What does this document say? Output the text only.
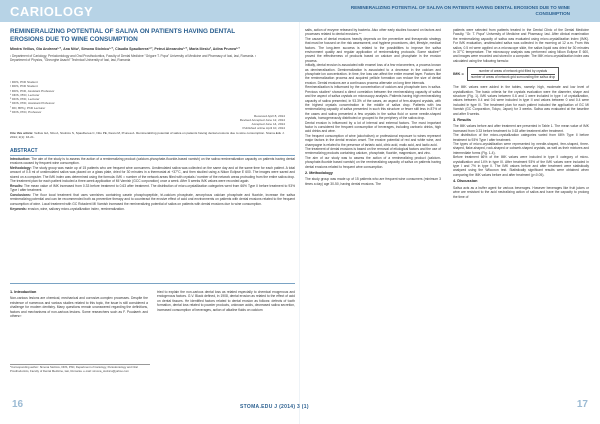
CARIOLOGY	REMINERALIZING POTENTIAL OF SALIVA ON PATIENTS HAVING DENTAL EROSIONS DUE TO WINE CONSUMPTION
REMINERALIZING POTENTIAL OF SALIVA ON PATIENTS HAVING DENTAL EROSIONS DUE TO WINE CONSUMPTION
Mindra Vellius, Gia Andreea¹ᐟ², Ana Nitu¹, Simona Stolnicu¹ᐟ², Claudia Spaulberea¹ᐟ², Petrut Alexandru¹ᐟ², Maria Iliesiu², Adina Prunea¹ᐟ²
¹ Department of Cariology, Periodontology and Oral Prosthodontics, Faculty of Dental Medicine "Grigore T. Popa" University of Medicine and Pharmacy of Iasi, Iasi, Romania. ² Department of Physics, "Gheorghe Asachi" Technical University of Iasi, Iasi, Romania
¹ DDS, PhD Student
² DDS, PhD Student
³ DDS, PhD, Assistant Professor
⁴ DDS, PhD, Lecturer
⁵ DDS, PhD, Lecturer
⁶ DDS, PhD, Assistant Professor
⁷ DD, BPhy, PhD Lecturer
⁸ DDS, PhD, Professor
Received April 8, 2014
Revised Accepted June 12, 2014
Accepted June 14, 2014
Published online April 10, 2014
Cite this article: Vellius GA, Nitu A, Stolnicu S, Spaulberea C, Nitu PE, Iliesiu M, Prunea A. Remineralizing potential of saliva on patients having dental erosions due to wine consumption. Stoma.Edu J. 2014; 2(1): 16-21.
ABSTRACT

Introduction: The aim of the study is to assess the action of a remineralizing product (calcium-phosphate-fluoride-based varnish) on the saliva remineralization capacity on patients having dental erosions caused by frequent wine consumption.

Methodology: The study group was made up of 15 patients who are frequent wine consumers. Unstimulated saliva was collected on the same day and at the same time for each patient. A total amount of 0.5 ml of unstimulated saliva was placed on a glass plate, dried for 30 minutes in a thermostat at +37°C, and then studied using a Nikon Eclipse E 600. The images were saved and stored on a computer. The IMK index was determined using the formula: IMK = number of the network areas filled with crystals / number of the network areas protruding from the entire saliva drop. The treatment plan for each patient included a three-week application of MI Varnish (GCC corporation) once a week. After 5 weeks IMK values were recorded again.

Results: The mean value of IMK increased from 0.33 before treatment to 0.63 after treatment. The distribution of micro-crystallization categories went from 66% Type II before treatment to 93% Type I after treatment.

Conclusions: The fluor local treatment that uses varnishes containing casein phosphopeptide, tri-calcium phosphate, amorphous calcium phosphate and fluoride, increase the saliva remineralizing potential and can be recommended both as preventive therapy and to counteract the erosive effect of acid oral environments on patients with dental erosions related to the frequent consumption of wine. Local treatment with GC Rotadent MI Varnish increased the remineralizing potential of saliva on patients with dental erosions due to wine consumption.

Keywords: erosion, wine, salivary micro-crystallization index, remineralization.

1. Introduction
Non-carious lesions are chemical, mechanical and corrosive-complex processes. Despite the existence of numerous and various studies related to this topic, the issue is still considered a challenge for modern dentistry. Many questions remain unanswered regarding the definitions, factors and mechanisms of non-carious lesions. Some researchers such as F. Poudaert¹ and others²³
tried to explain the non-carious dental loss as related especially to chemical exogenous and endogenous factors. G.V. Black defined, in 1908, dental erosion as related to the effect of acid on dental tissues. He identified factors related to dental erosion as follows: defects of tooth formation, dental loss related to powder products, unknown acids, decreased saliva secretion, increased consumption of beverages, action of alkaline fluids on calcium
*Corresponding author: Simona Stolnicu, DDS, PhD, Department of Cariology, Periodontology and Oral Prosthodontics, Faculty of Dental Medicine, Iasi, Romania. e-mail: simona_stolnicu@yahoo.com
salts, action of enzyme released by bacteria. Also other early studies focused on factors and processes related to dental erosions.⁴ⁿ
The causes of dental erosions heavily depends on the preventive and therapeutic strategy that must be focused on the risk assessment, oral hygiene procedures, diet, lifestyle, medical factors. The long-term success is related to the possibilities to improve the saliva environment quality and regular application of remineralizing protocols. Some studies⁶⁷ proved the effectiveness of products based on calcium and phosphate in the erosion process.
Initially, dental erosion is associated with enamel loss of a few micrometers, a process known as demineralization. Demineralization is associated to a decrease in the calcium and phosphate ion concentration. In time, the loss can affect the entire enamel layer. Factors like the remineralization process and acquired pellicle formation can reduce the size of dental erosion. Dental erosions are a continuous process alternate on long time intervals.
Remineralization is influenced by the concentration of calcium and phosphate ions in saliva. Previous studies⁸ showed a direct correlation between the remineralizing capacity of saliva and the aspect of saliva crystals on microscopy analysis. Patients having high remineralizing capacity of saliva presented, in 93.3% of the cases, an aspect of fern-shaped crystals, with the highest crystals concentration in the middle of saliva drop. Patients with low remineralizing capacity of saliva presented in such this structure or fewer still less in 87% of the cases and saliva presented a few crystals in the saliva fluid or some needle-shaped crystals, homogeneously distributed or grouped to the periphery of the saliva drop.
Dental erosion is influenced by a lot of internal and external factors. The most important factor is considered the frequent consumption of beverages, including carbonic drinks, high acid drinks and wine.
The frequent consumption of wine (alcoholism) or professional exposure to wines represent major factors in the dental erosion onset. The erosive potential of red and white wine, and champagne is related to the presence of tartaric acid, citric acid, malic acid, and lactic acid.
The treatment of dental erosions is based on the removal of etiological factors and the use of remineralizing products containing calcium, phosphate, fluoride, magnesium, and zinc.
The aim of our study was to assess the action of a remineralizing product (calcium-phosphate-fluoride based varnish) on the remineralizing capacity of saliva on patients having dental erosions related to frequent wine consumption.
2. Methodology
The study group was made up of 15 patients who are frequent wine consumers (minimum 3 times a day) age 30-50, having dental erosions. The
patients were selected from patients treated in the Dental Clinic of the Dental Medicine Faculty, "Gr. T. Popa" University of Medicine and Pharmacy, Iasi. After clinical examination the remineralizing capacity of saliva was evaluated using micro-crystallization index (IMK). For IMK evaluation, unstimulated saliva was collected in the morning at 12 a.m. From this saliva, 0.5 ml were applied on a microscope slide, the saliva liquid was dried for 30 minutes in 37°C temperature. The microscopy analysis was performed using Nikon Eclipse E 600, and images were recorded and stored in a computer. The IMK micro-crystallization index was calculated using the following formula:
IMK = $\frac{\text{number of areas of network grid filled by crystals}}{\text{number of areas of network grid surrounding the saliva drop}}$
The IMK values were added in the tables, namely: high, moderate and low level of crystallization. The basic criteria for the crystals evaluation were the diameter, shape and structure (Fig. 1). IMK values between 0.6 and 1 were included in type I of crystallization, values between 0.4 and 0.6 were included in type II and values between 0 and 0.4 were included in type III. The treatment plan for each patient included the application of GC MI Varnish (GC Corporation, Tokyo, Japan) for 3 weeks. Saliva was evaluated at the baseline and after 5 weeks.
3. Results
The IMK values before and after treatment are presented in Table 1. The mean value of IMK increased from 0.33 before treatment to 0.63 after treatment after treatment.
The distribution of the micro-crystallization categories varied from 66% Type II before treatment to 93% Type I after treatment.
The types of micro-crystallization were represented by needle-shaped, fern-shaped, three-shaped, flake-shaped, rock-shaped or cobweb-shaped crystals, as well as their mixtures and intermediate forms (Fig. 1-4).
Before treatment 66% of the IMK values were included in type II category of micro-crystallization and 14% in type III. After treatment 93% of the IMK values were included in type I and 7% in type II. The IMK values before and after treatment were statistically analyzed using the Wilcoxon test. Statistically significant results were obtained when comparing the IMK values before and after treatment (p<0.05).
4. Discussion
Saliva acts as a buffer agent for various beverages. However beverages like fruit juices or wine are resistant to the acid neutralizing action of saliva and have the capacity to prolong the time of
16	STOMA.EDU J (2014) 3 (1)	17
